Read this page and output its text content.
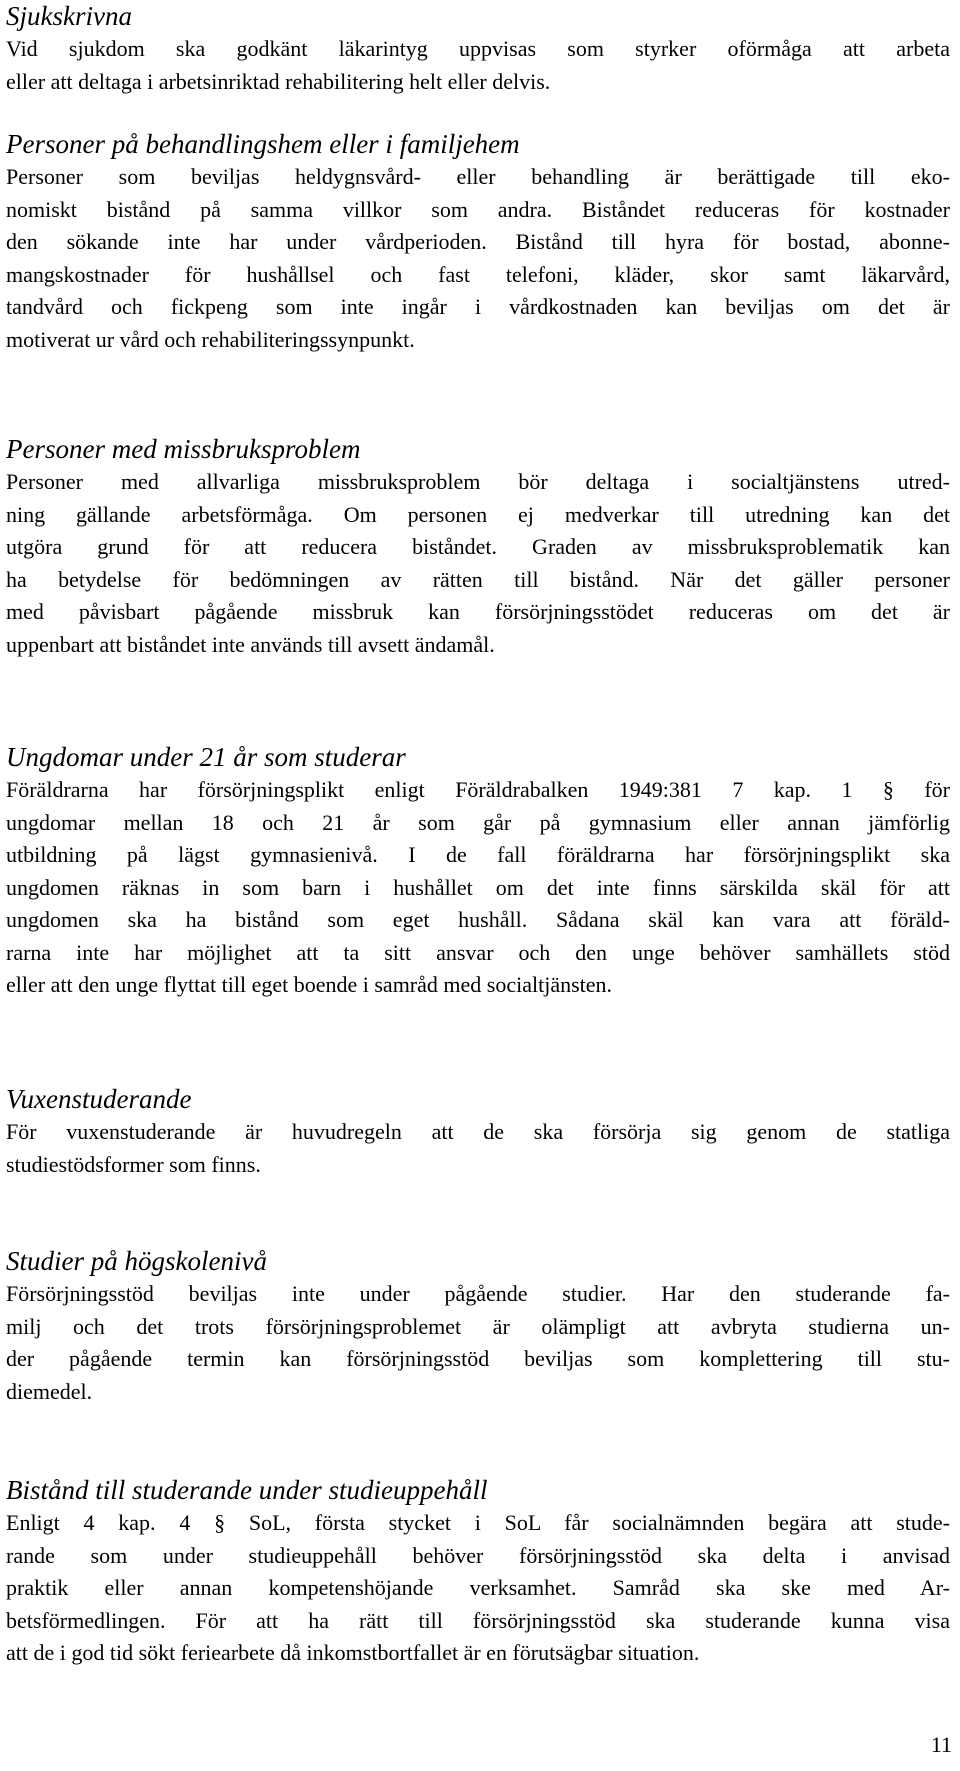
Sjukskrivna

Vid sjukdom ska godkänt läkarintyg uppvisas som styrker oförmåga att arbeta
eller att deltaga i arbetsinriktad rehabilitering helt eller delvis.

Personer på behandlingshem eller i familjehem

Personer som beviljas heldygnsvård- eller behandling är berättigade till eko-
nomiskt bistånd på samma villkor som andra. Biståndet reduceras för kostnader
den sökande inte har under vårdperioden. Bistånd till hyra för bostad, abonne-
mangskostnader för hushållsel och fast telefoni, kläder, skor samt läkarvård,
tandvård och fickpeng som inte ingår i vårdkostnaden kan beviljas om det är
motiverat ur vård och rehabiliteringssynpunkt.

Personer med missbruksproblem

Personer med allvarliga missbruksproblem bör deltaga i socialtjänstens utred-
ning gällande arbetsförmåga. Om personen ej medverkar till utredning kan det
utgöra grund för att reducera biståndet. Graden av missbruksproblematik kan
ha betydelse för bedömningen av rätten till bistånd. När det gäller personer
med påvisbart pågående missbruk kan försörjningsstödet reduceras om det är
uppenbart att biståndet inte används till avsett ändamål.

Ungdomar under 21 år som studerar

Föräldrarna har försörjningsplikt enligt Föräldrabalken 1949:381 7 kap. 1 § för
ungdomar mellan 18 och 21 år som går på gymnasium eller annan jämförlig
utbildning på lägst gymnasienivå. I de fall föräldrarna har försörjningsplikt ska
ungdomen räknas in som barn i hushållet om det inte finns särskilda skäl för att
ungdomen ska ha bistånd som eget hushåll. Sådana skäl kan vara att föräld-
rarna inte har möjlighet att ta sitt ansvar och den unge behöver samhällets stöd
eller att den unge flyttat till eget boende i samråd med socialtjänsten.

Vuxenstuderande

För vuxenstuderande är huvudregeln att de ska försörja sig genom de statliga
studiestödsformer som finns.

Studier på högskolenivå

Försörjningsstöd beviljas inte under pågående studier. Har den studerande fa-
milj och det trots försörjningsproblemet är olämpligt att avbryta studierna un-
der pågående termin kan försörjningsstöd beviljas som komplettering till stu-
diemedel.

Bistånd till studerande under studieuppehåll

Enligt 4 kap. 4 § SoL, första stycket i SoL får socialnämnden begära att stude-
rande som under studieuppehåll behöver försörjningsstöd ska delta i anvisad
praktik eller annan kompetenshöjande verksamhet. Samråd ska ske med Ar-
betsförmedlingen. För att ha rätt till försörjningsstöd ska studerande kunna visa
att de i god tid sökt feriearbete då inkomstbortfallet är en förutsägbar situation.

11
